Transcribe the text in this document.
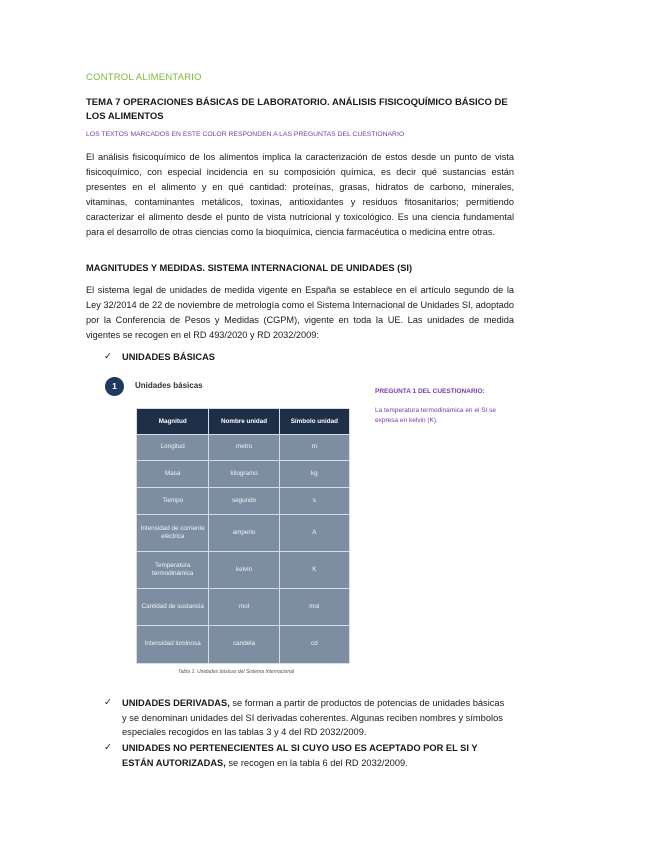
CONTROL ALIMENTARIO
TEMA 7 OPERACIONES BÁSICAS DE LABORATORIO. ANÁLISIS FISICOQUÍMICO BÁSICO DE LOS ALIMENTOS
LOS TEXTOS MARCADOS EN ESTE COLOR RESPONDEN A LAS PREGUNTAS DEL CUESTIONARIO
El análisis fisicoquímico de los alimentos implica la caracterización de estos desde un punto de vista fisicoquímico, con especial incidencia en su composición química, es decir qué sustancias están presentes en el alimento y en qué cantidad: proteínas, grasas, hidratos de carbono, minerales, vitaminas, contaminantes metálicos, toxinas, antioxidantes y residuos fitosanitarios; permitiendo caracterizar el alimento desde el punto de vista nutricional y toxicológico. Es una ciencia fundamental para el desarrollo de otras ciencias como la bioquímica, ciencia farmacéutica o medicina entre otras.
MAGNITUDES Y MEDIDAS. SISTEMA INTERNACIONAL DE UNIDADES (SI)
El sistema legal de unidades de medida vigente en España se establece en el artículo segundo de la Ley 32/2014 de 22 de noviembre de metrología como el Sistema Internacional de Unidades SI, adoptado por la Conferencia de Pesos y Medidas (CGPM), vigente en toda la UE. Las unidades de medida vigentes se recogen en el RD 493/2020 y RD 2032/2009:
✓ UNIDADES BÁSICAS
1	Unidades básicas
Magnitud	Nombre unidad	Símbolo unidad
Longitud	metro	m
Masa	kilogramo	kg
Tiempo	segundo	s
Intensidad de corriente eléctrica	amperio	A
Temperatura termodinámica	kelvin	K
Cantidad de sustancia	mol	mol
Intensidad luminosa	candela	cd
Tabla 1. Unidades básicas del Sistema Internacional
PREGUNTA 1 DEL CUESTIONARIO:
La temperatura termodinámica en el SI se expresa en kelvin (K).
✓ UNIDADES DERIVADAS, se forman a partir de productos de potencias de unidades básicas y se denominan unidades del SI derivadas coherentes. Algunas reciben nombres y símbolos especiales recogidos en las tablas 3 y 4 del RD 2032/2009.
✓ UNIDADES NO PERTENECIENTES AL SI CUYO USO ES ACEPTADO POR EL SI Y ESTÁN AUTORIZADAS, se recogen en la tabla 6 del RD 2032/2009.
